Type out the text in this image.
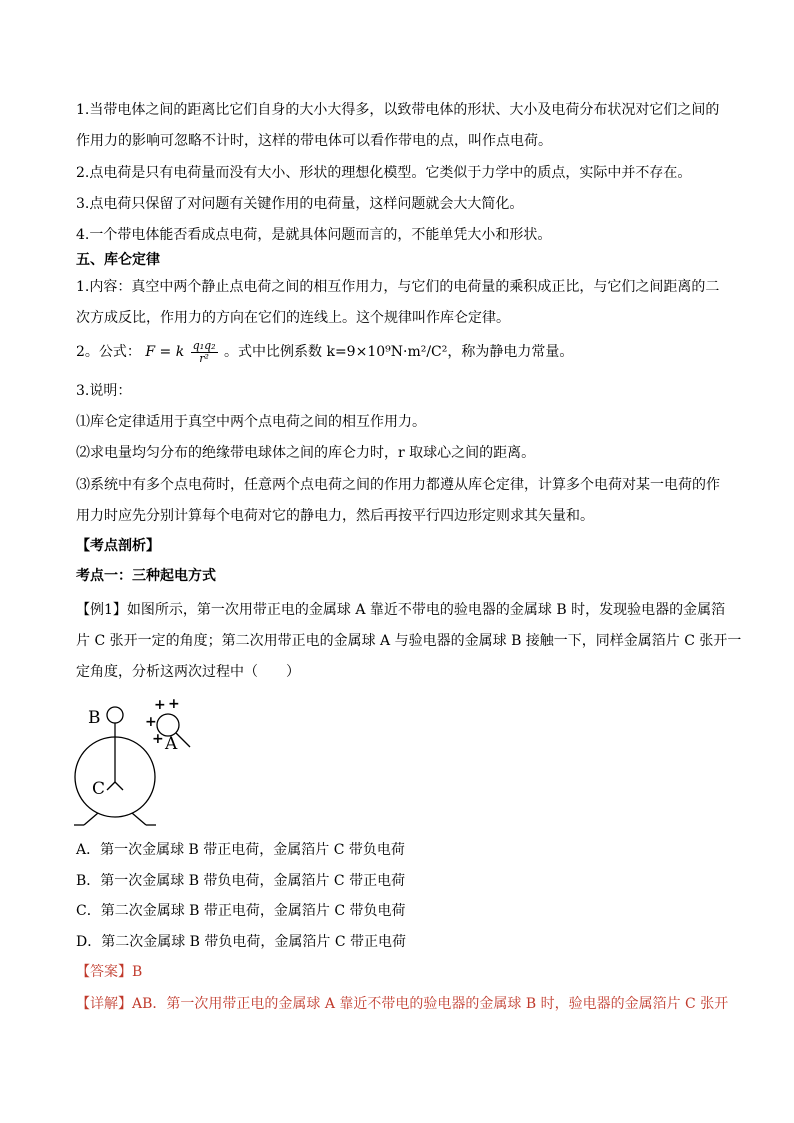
1.当带电体之间的距离比它们自身的大小大得多，以致带电体的形状、大小及电荷分布状况对它们之间的
作用力的影响可忽略不计时，这样的带电体可以看作带电的点，叫作点电荷。
2.点电荷是只有电荷量而没有大小、形状的理想化模型。它类似于力学中的质点，实际中并不存在。
3.点电荷只保留了对问题有关键作用的电荷量，这样问题就会大大简化。
4.一个带电体能否看成点电荷，是就具体问题而言的，不能单凭大小和形状。
五、库仑定律
1.内容：真空中两个静止点电荷之间的相互作用力，与它们的电荷量的乘积成正比，与它们之间距离的二
次方成反比，作用力的方向在它们的连线上。这个规律叫作库仑定律。
2。公式： F = k $\frac{\text{q₁q₂}}{\text{r²}}$ 。式中比例系数 k=9×10⁹N·m²/C²，称为静电力常量。
3.说明：
⑴库仑定律适用于真空中两个点电荷之间的相互作用力。
⑵求电量均匀分布的绝缘带电球体之间的库仑力时，r 取球心之间的距离。
⑶系统中有多个点电荷时，任意两个点电荷之间的作用力都遵从库仑定律，计算多个电荷对某一电荷的作
用力时应先分别计算每个电荷对它的静电力，然后再按平行四边形定则求其矢量和。
【考点剖析】
考点一：三种起电方式
【例1】如图所示，第一次用带正电的金属球 A 靠近不带电的验电器的金属球 B 时，发现验电器的金属箔
片 C 张开一定的角度；第二次用带正电的金属球 A 与验电器的金属球 B 接触一下，同样金属箔片 C 张开一
定角度，分析这两次过程中（　　）
B
A
C
+ +
+
+
A．第一次金属球 B 带正电荷，金属箔片 C 带负电荷
B．第一次金属球 B 带负电荷，金属箔片 C 带正电荷
C．第二次金属球 B 带正电荷，金属箔片 C 带负电荷
D．第二次金属球 B 带负电荷，金属箔片 C 带正电荷
【答案】B
【详解】AB．第一次用带正电的金属球 A 靠近不带电的验电器的金属球 B 时，验电器的金属箔片 C 张开
